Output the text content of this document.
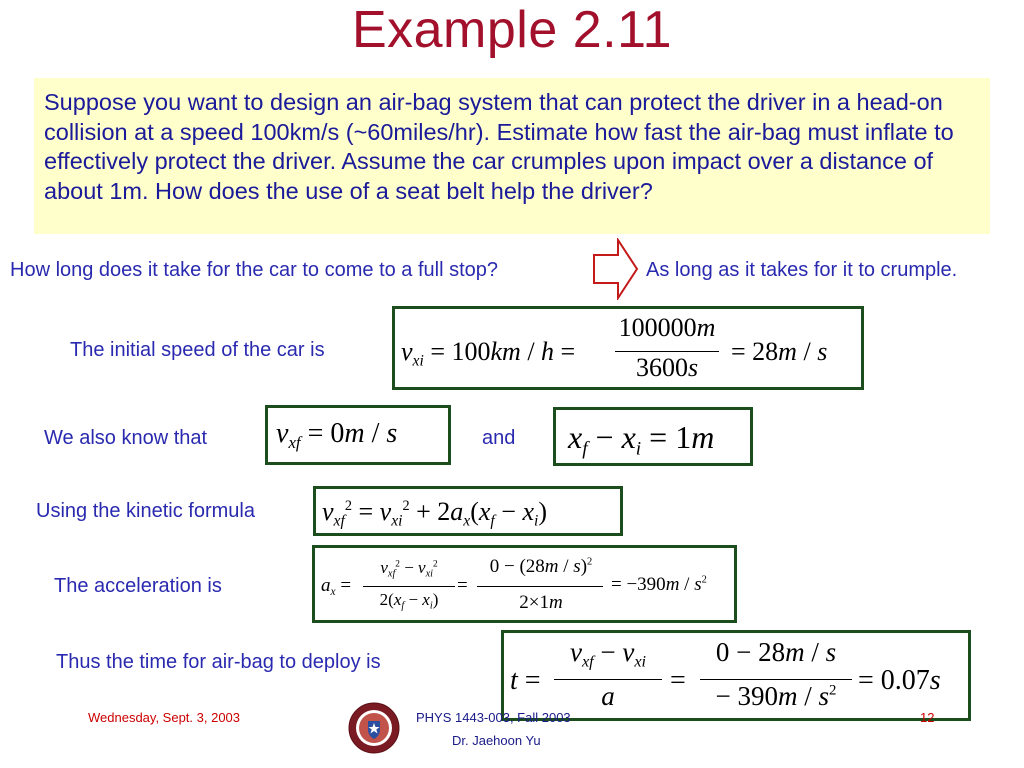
Example 2.11
Suppose you want to design an air-bag system that can protect the driver in a head-on collision at a speed 100km/s (~60miles/hr). Estimate how fast the air-bag must inflate to effectively protect the driver. Assume the car crumples upon impact over a distance of about 1m. How does the use of a seat belt help the driver?
How long does it take for the car to come to a full stop?	As long as it takes for it to crumple.
The initial speed of the car is	$v_{xi} = 100km / h$ =
100000m
3600s
= 28m / s
We also know that $v_{xf} = 0m / s$	and $x_f - x_i = 1m$
Using the kinetic formula	$v_{xf}^2 = v_{xi}^2 + 2a_x(x_f - x_i)$
The acceleration is	$a_x$ =
$v_{xf}^2 - v_{xi}^2$
$2(x_f - x_i)$
=
0 − (28m / s)$^2$
2×1m
= $-390m / s^2$
Thus the time for air-bag to deploy is
t =
$v_{xf} - v_{xi}$
a	=
0 − 28m / s
− $390m / s^2 = 0.07s$
Wednesday, Sept. 3, 2003	PHYS 1443-003, Fall 2003
Dr. Jaehoon Yu
12
